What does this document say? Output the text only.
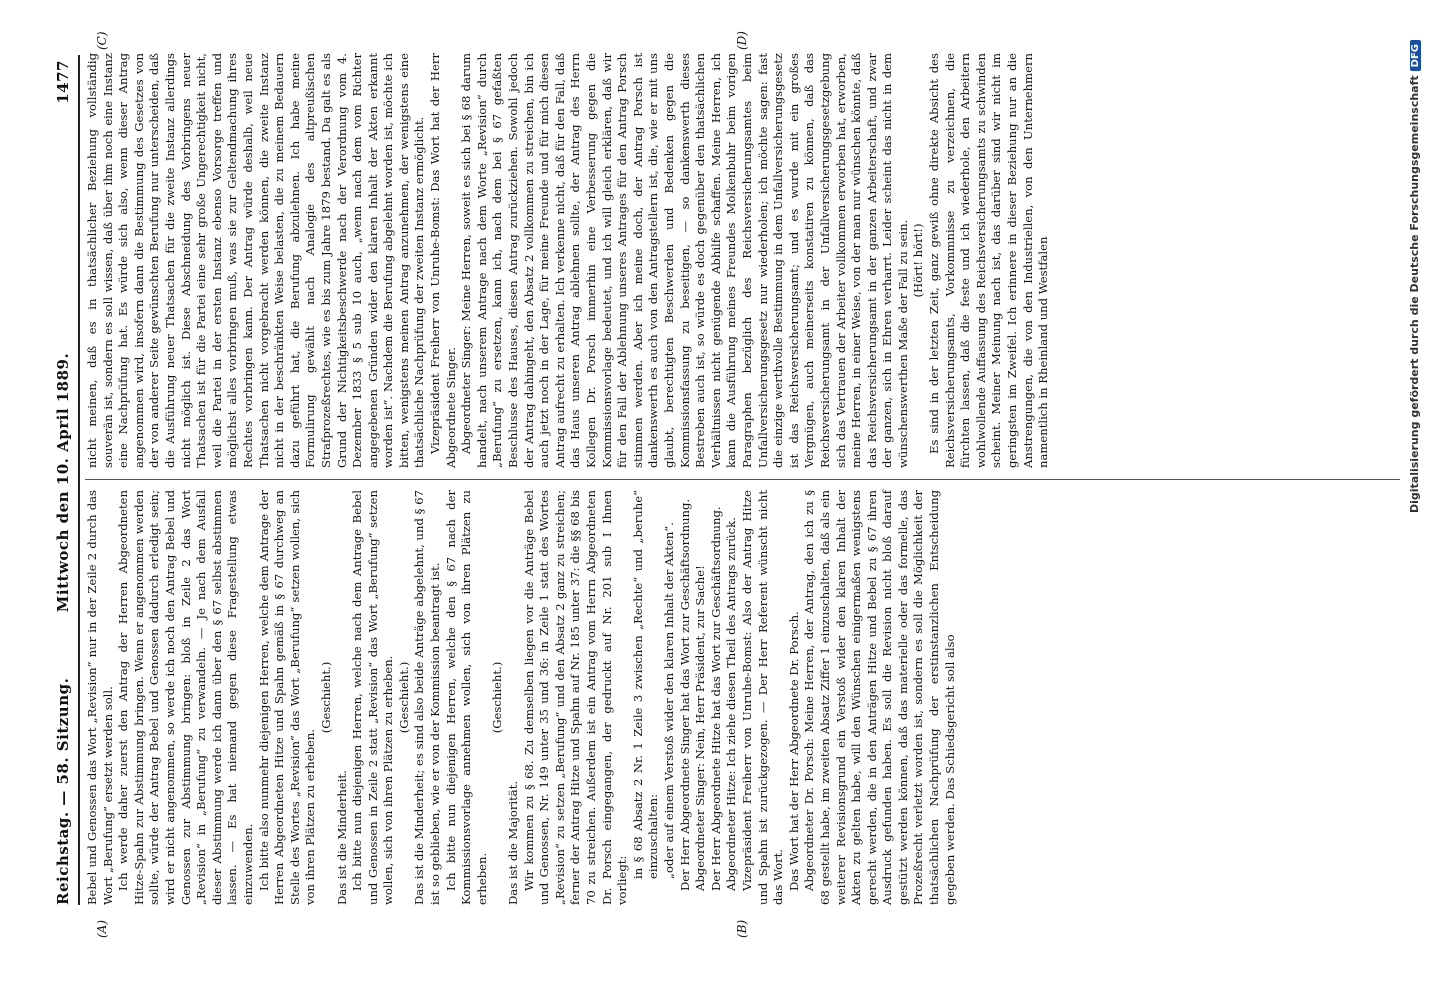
Reichstag. — 58. Sitzung.
Mittwoch den 10. April 1889.
1477
(A)	(B)
(C)	(D)

Bebel und Genossen das Wort „Revision“ nur in der Zeile 2 durch das Wort „Berufung“ ersetzt werden soll. Ich werde daher zuerst den Antrag der Herren Abgeordneten Hitze-Spahn zur Abstimmung bringen. Wenn er angenommen werden sollte, würde der Antrag Bebel und Genossen dadurch erledigt sein; wird er nicht angenommen, so werde ich noch den Antrag Bebel und Genossen zur Abstimmung bringen: bloß in Zeile 2 das Wort „Revision“ in „Berufung“ zu verwandeln. — Je nach dem Ausfall dieser Abstimmung werde ich dann über den § 67 selbst abstimmen lassen. — Es hat niemand gegen diese Fragestellung etwas einzuwenden. Ich bitte also nunmehr diejenigen Herren, welche dem Antrage der Herren Abgeordneten Hitze und Spahn gemäß in § 67 durchweg an Stelle des Wortes „Revision“ das Wort „Berufung“ setzen wollen, sich von ihren Plätzen zu erheben.

(Geschieht.)

Das ist die Minderheit. Ich bitte nun diejenigen Herren, welche nach dem Antrage Bebel und Genossen in Zeile 2 statt „Revision“ das Wort „Berufung“ setzen wollen, sich von ihren Plätzen zu erheben. (Geschieht.) Das ist die Minderheit; es sind also beide Anträge abgelehnt, und § 67 ist so geblieben, wie er von der Kommission beantragt ist. Ich bitte nun diejenigen Herren, welche den § 67 nach der Kommissionsvorlage annehmen wollen, sich von ihren Plätzen zu erheben.

(Geschieht.)

Das ist die Majorität. Wir kommen zu § 68. Zu demselben liegen vor die Anträge Bebel und Genossen, Nr. 149 unter 35 und 36: in Zeile 1 statt des Wortes „Revision“ zu setzen „Berufung“ und den Absatz 2 ganz zu streichen; ferner der Antrag Hitze und Spahn auf Nr. 185 unter 37: die §§ 68 bis 70 zu streichen. Außerdem ist ein Antrag vom Herrn Abgeordneten Dr. Porsch eingegangen, der gedruckt auf Nr. 201 sub I Ihnen vorliegt:

in § 68 Absatz 2 Nr. 1 Zeile 3 zwischen „Rechte“ und „beruhe“ einzuschalten: „oder auf einem Verstoß wider den klaren Inhalt der Akten“. Der Herr Abgeordnete Singer hat das Wort zur Geschäftsordnung. Abgeordneter Singer: Nein, Herr Präsident, zur Sache! Der Herr Abgeordnete Hitze hat das Wort zur Geschäftsordnung. Abgeordneter Hitze: Ich ziehe diesen Theil des Antrags zurück. Vizepräsident Freiherr von Unruhe-Bomst: Also der Antrag Hitze und Spahn ist zurückgezogen. — Der Herr Referent wünscht nicht das Wort. Das Wort hat der Herr Abgeordnete Dr. Porsch. Abgeordneter Dr. Porsch: Meine Herren, der Antrag, den ich zu § 68 gestellt habe, im zweiten Absatz Ziffer 1 einzuschalten, daß als ein weiterer Revisionsgrund ein Verstoß wider den klaren Inhalt der Akten zu gelten habe, will den Wünschen einigermaßen wenigstens gerecht werden, die in den Anträgen Hitze und Bebel zu § 67 ihren Ausdruck gefunden haben. Es soll die Revision nicht bloß darauf gestützt werden können, daß das materielle oder das formelle, das Prozeßrecht verletzt worden ist, sondern es soll die Möglichkeit der thatsächlichen Nachprüfung der erstinstanzlichen Entscheidung gegeben werden. Das Schiedsgericht soll also

nicht meinen, daß es in thatsächlicher Beziehung vollständig souverän ist, sondern es soll wissen, daß über ihm noch eine Instanz eine Nachprüfung hat. Es würde sich also, wenn dieser Antrag angenommen wird, insofern dann die Bestimmung des Gesetzes von der von anderer Seite gewünschten Berufung nur unterscheiden, daß die Ausführung neuer Thatsachen für die zweite Instanz allerdings nicht möglich ist. Diese Abschneidung des Vorbringens neuer Thatsachen ist für die Partei eine sehr große Ungerechtigkeit nicht, weil die Partei in der ersten Instanz ebenso Vorsorge treffen und möglichst alles vorbringen muß, was sie zur Geltendmachung ihres Rechtes vorbringen kann. Der Antrag würde deshalb, weil neue Thatsachen nicht vorgebracht werden können, die zweite Instanz nicht in der beschränkten Weise belasten, die zu meinem Bedauern dazu geführt hat, die Berufung abzulehnen. Ich habe meine Formulirung gewählt nach Analogie des altpreußischen Strafprozeßrechtes, wie es bis zum Jahre 1879 bestand. Da galt es als Grund der Nichtigkeitsbeschwerde nach der Verordnung vom 4. Dezember 1833 § 5 sub 10 auch, „wenn nach dem vom Richter angegebenen Gründen wider den klaren Inhalt der Akten erkannt worden ist“. Nachdem die Berufung abgelehnt worden ist, möchte ich bitten, wenigstens meinen Antrag anzunehmen, der wenigstens eine thatsächliche Nachprüfung der zweiten Instanz ermöglicht. Vizepräsident Freiherr von Unruhe-Bomst: Das Wort hat der Herr Abgeordnete Singer. Abgeordneter Singer: Meine Herren, soweit es sich bei § 68 darum handelt, nach unserem Antrage nach dem Worte „Revision“ durch „Berufung“ zu ersetzen, kann ich, nach dem bei § 67 gefaßten Beschlusse des Hauses, diesen Antrag zurückziehen. Sowohl jedoch der Antrag dahingeht, den Absatz 2 vollkommen zu streichen, bin ich auch jetzt noch in der Lage, für meine Freunde und für mich diesen Antrag aufrecht zu erhalten. Ich verkenne nicht, daß für den Fall, daß das Haus unseren Antrag ablehnen sollte, der Antrag des Herrn Kollegen Dr. Porsch immerhin eine Verbesserung gegen die Kommissionsvorlage bedeutet, und ich will gleich erklären, daß wir für den Fall der Ablehnung unseres Antrages für den Antrag Porsch stimmen werden. Aber ich meine doch, der Antrag Porsch ist dankenswerth es auch von den Antragstellern ist, die, wie er mit uns glaubt, berechtigten Beschwerden und Bedenken gegen die Kommissionsfassung zu beseitigen, — so dankenswerth dieses Bestreben auch ist, so würde es doch gegenüber den thatsächlichen Verhältnissen nicht genügende Abhilfe schaffen. Meine Herren, ich kann die Ausführung meines Freundes Molkenbuhr beim vorigen Paragraphen bezüglich des Reichsversicherungsamtes beim Unfallversicherungsgesetz nur wiederholen; ich möchte sagen: fast die einzige werthvolle Bestimmung in dem Unfallversicherungsgesetz ist das Reichsversicherungsamt; und es wurde mit ein großes Vergnügen, auch meinerseits konstatiren zu können, daß das Reichsversicherungsamt in der Unfallversicherungsgesetzgebung sich das Vertrauen der Arbeiter vollkommen erworben hat, erworben, meine Herren, in einer Weise, von der man nur wünschen könnte, daß das Reichsversicherungsamt in der ganzen Arbeiterschaft, und zwar der ganzen, sich in Ehren verharrt. Leider scheint das nicht in dem wünschenswerthen Maße der Fall zu sein. (Hört! hört!) Es sind in der letzten Zeit, ganz gewiß ohne direkte Absicht des Reichsversicherungsamts, Vorkommnisse zu verzeichnen, die fürchten lassen, daß die feste und ich wiederhole, den Arbeitern wohlwollende Auffassung des Reichsversicherungsamts zu schwinden scheint. Meiner Meinung nach ist, das darüber sind wir nicht im geringsten im Zweifel. Ich erinnere in dieser Beziehung nur an die Anstrengungen, die von den Industriellen, von den Unternehmern namentlich in Rheinland und Westfalen	Digitalisierung gefördert durch die Deutsche ForschungsgemeinschaftDFG
